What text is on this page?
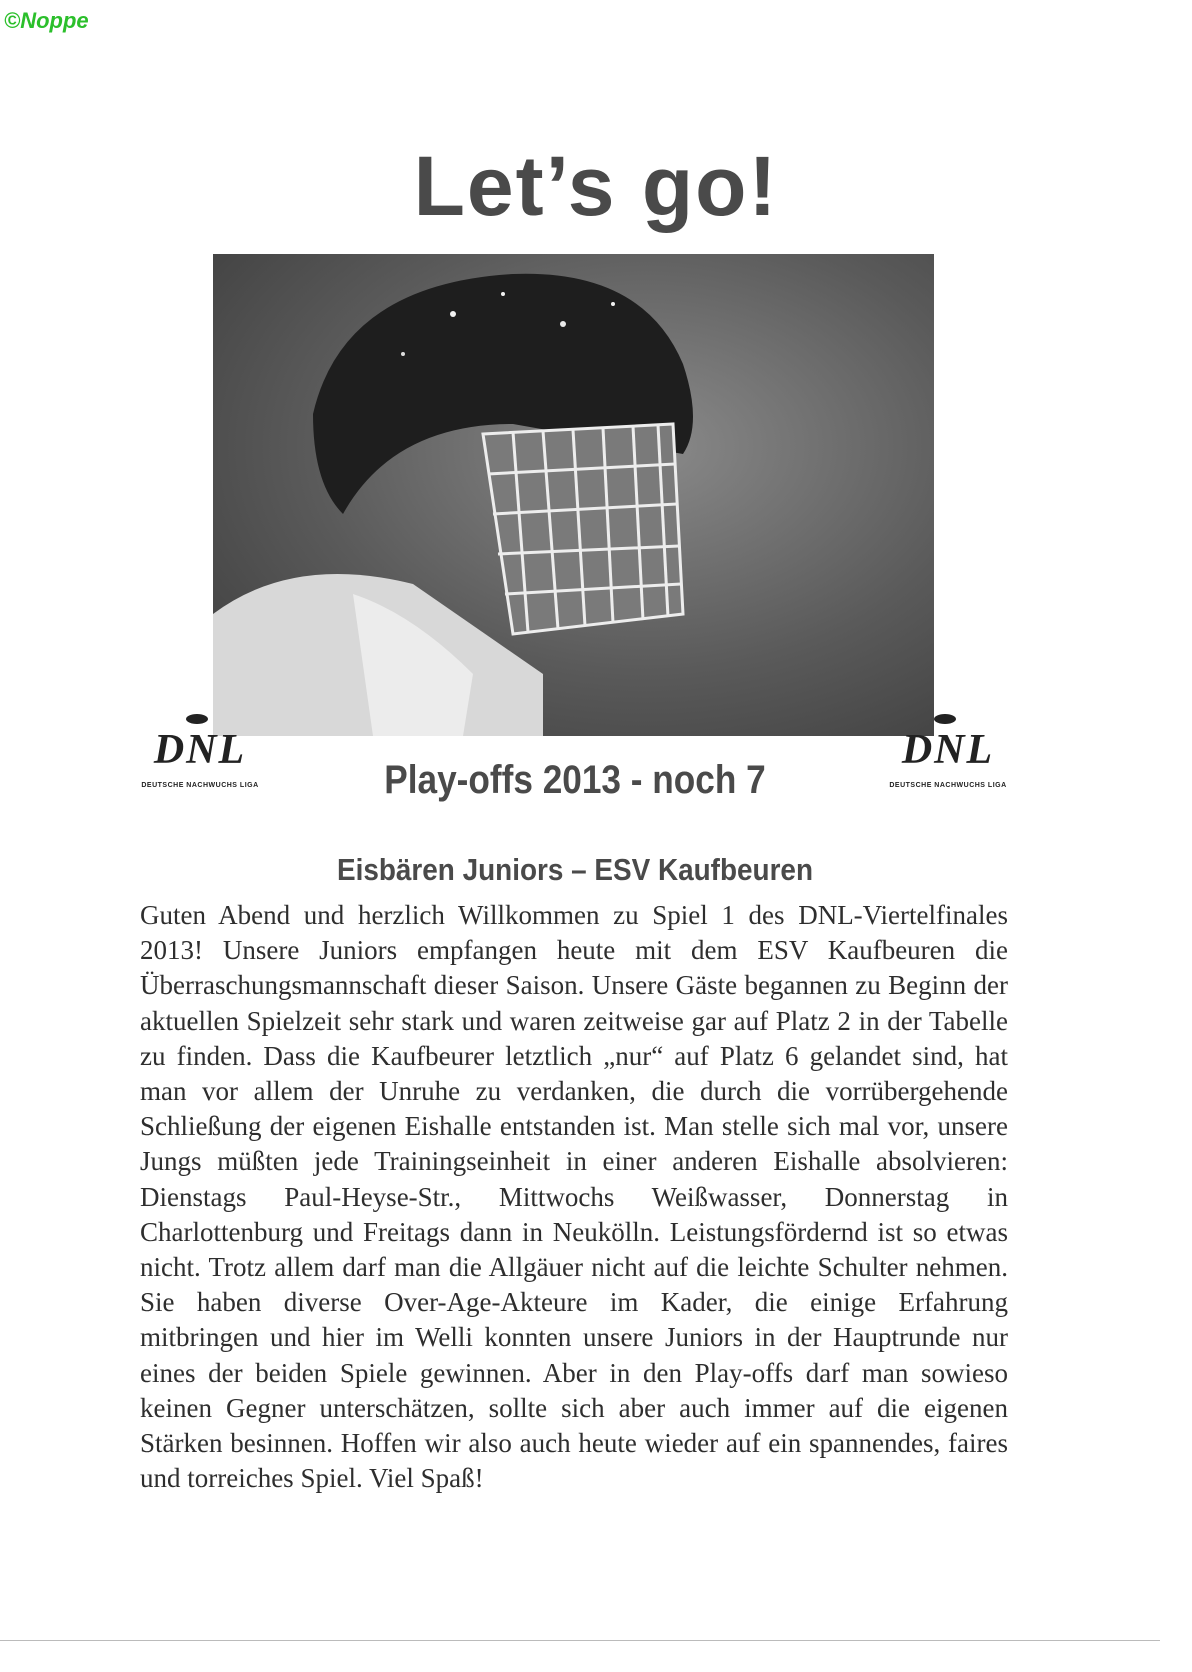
©Noppe
Let’s go!
DNL
DEUTSCHE NACHWUCHS LIGA	Play-offs 2013 - noch 7
DNL
DEUTSCHE NACHWUCHS LIGA
Eisbären Juniors – ESV Kaufbeuren
Guten Abend und herzlich Willkommen zu Spiel 1 des DNL-Viertelfinales 2013! Unsere Juniors empfangen heute mit dem ESV Kaufbeuren die Überraschungsmannschaft dieser Saison. Unsere Gäste begannen zu Beginn der aktuellen Spielzeit sehr stark und waren zeitweise gar auf Platz 2 in der Tabelle zu finden. Dass die Kaufbeurer letztlich „nur“ auf Platz 6 gelandet sind, hat man vor allem der Unruhe zu verdanken, die durch die vorrübergehende Schließung der eigenen Eishalle entstanden ist. Man stelle sich mal vor, unsere Jungs müßten jede Trainingseinheit in einer anderen Eishalle absolvieren: Dienstags Paul-Heyse-Str., Mittwochs Weißwasser, Donnerstag in Charlottenburg und Freitags dann in Neukölln. Leistungsfördernd ist so etwas nicht. Trotz allem darf man die Allgäuer nicht auf die leichte Schulter nehmen. Sie haben diverse Over-Age-Akteure im Kader, die einige Erfahrung mitbringen und hier im Welli konnten unsere Juniors in der Hauptrunde nur eines der beiden Spiele gewinnen. Aber in den Play-offs darf man sowieso keinen Gegner unterschätzen, sollte sich aber auch immer auf die eigenen Stärken besinnen. Hoffen wir also auch heute wieder auf ein spannendes, faires und torreiches Spiel. Viel Spaß!
